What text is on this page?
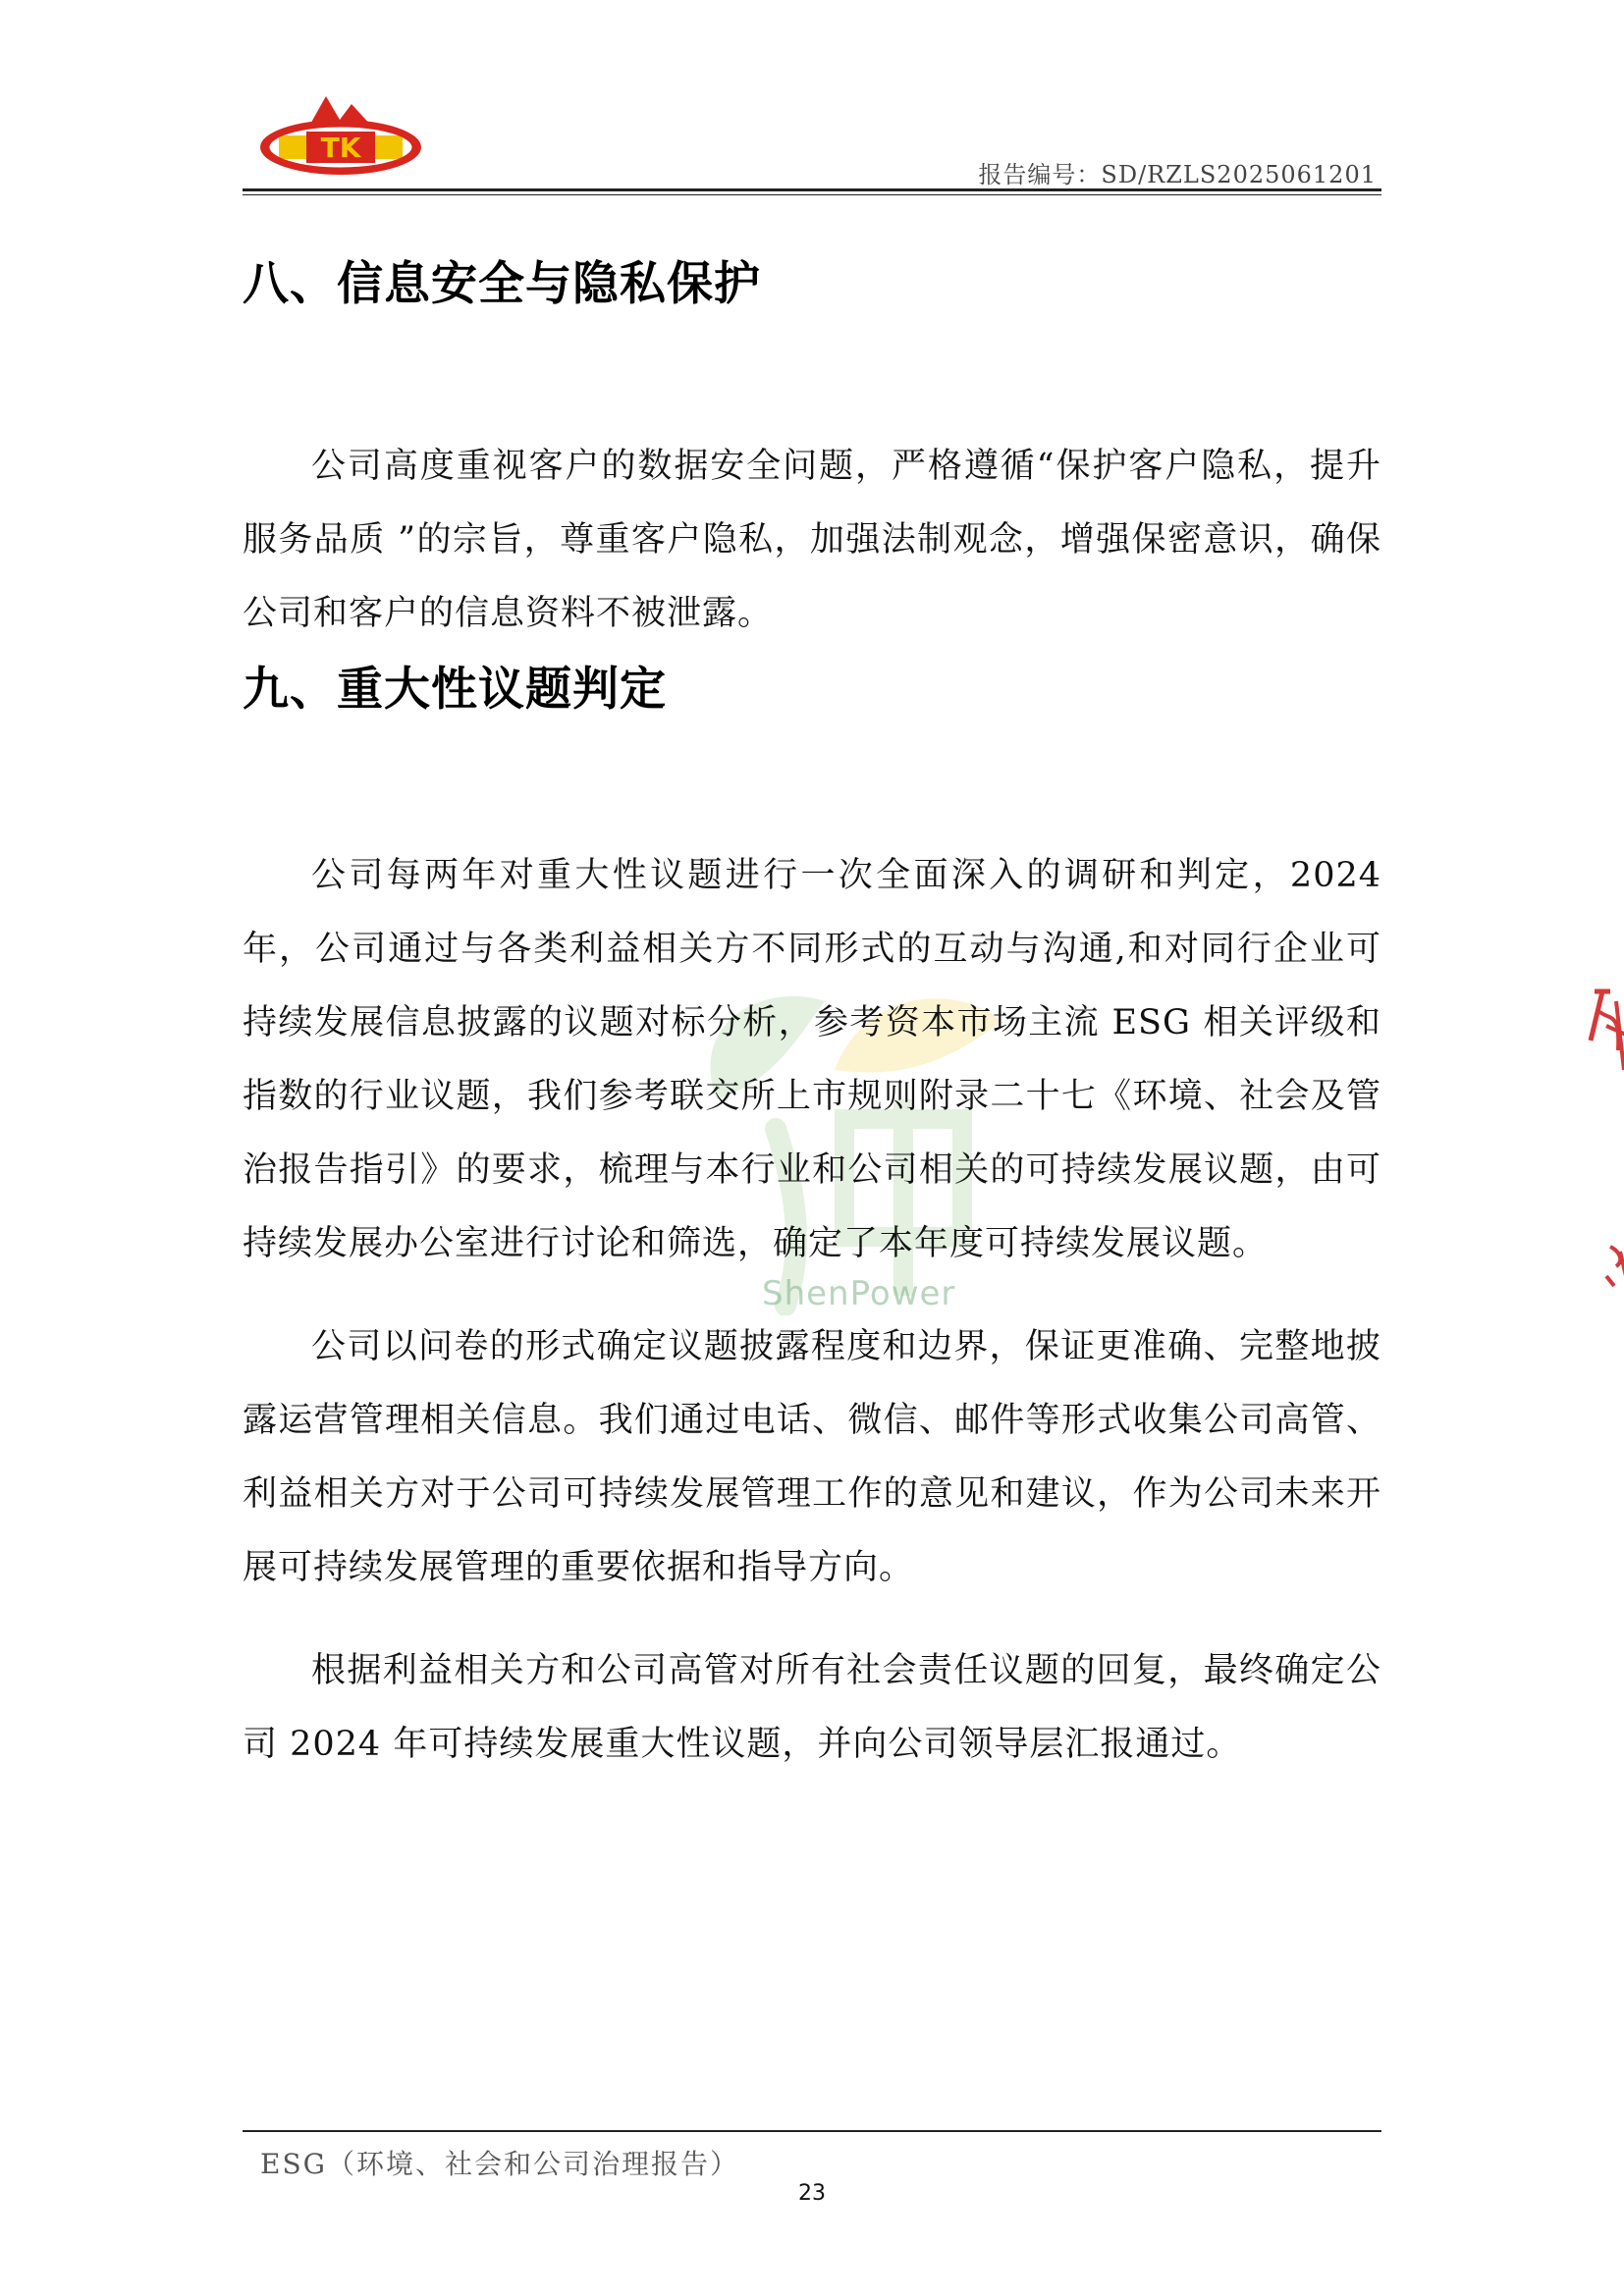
TK
报告编号：SD/RZLS2025061201
ShenPower
八、信息安全与隐私保护

公司高度重视客户的数据安全问题，严格遵循“保护客户隐私，提升服务品质 ”的宗旨，尊重客户隐私，加强法制观念，增强保密意识，确保公司和客户的信息资料不被泄露。

九、重大性议题判定

公司每两年对重大性议题进行一次全面深入的调研和判定，2024年，公司通过与各类利益相关方不同形式的互动与沟通,和对同行企业可持续发展信息披露的议题对标分析，参考资本市场主流 ESG 相关评级和指数的行业议题，我们参考联交所上市规则附录二十七《环境、社会及管治报告指引》的要求，梳理与本行业和公司相关的可持续发展议题，由可持续发展办公室进行讨论和筛选，确定了本年度可持续发展议题。

公司以问卷的形式确定议题披露程度和边界，保证更准确、完整地披露运营管理相关信息。我们通过电话、微信、邮件等形式收集公司高管、利益相关方对于公司可持续发展管理工作的意见和建议，作为公司未来开展可持续发展管理的重要依据和指导方向。

根据利益相关方和公司高管对所有社会责任议题的回复，最终确定公司 2024 年可持续发展重大性议题，并向公司领导层汇报通过。

ESG（环境、社会和公司治理报告）
23
